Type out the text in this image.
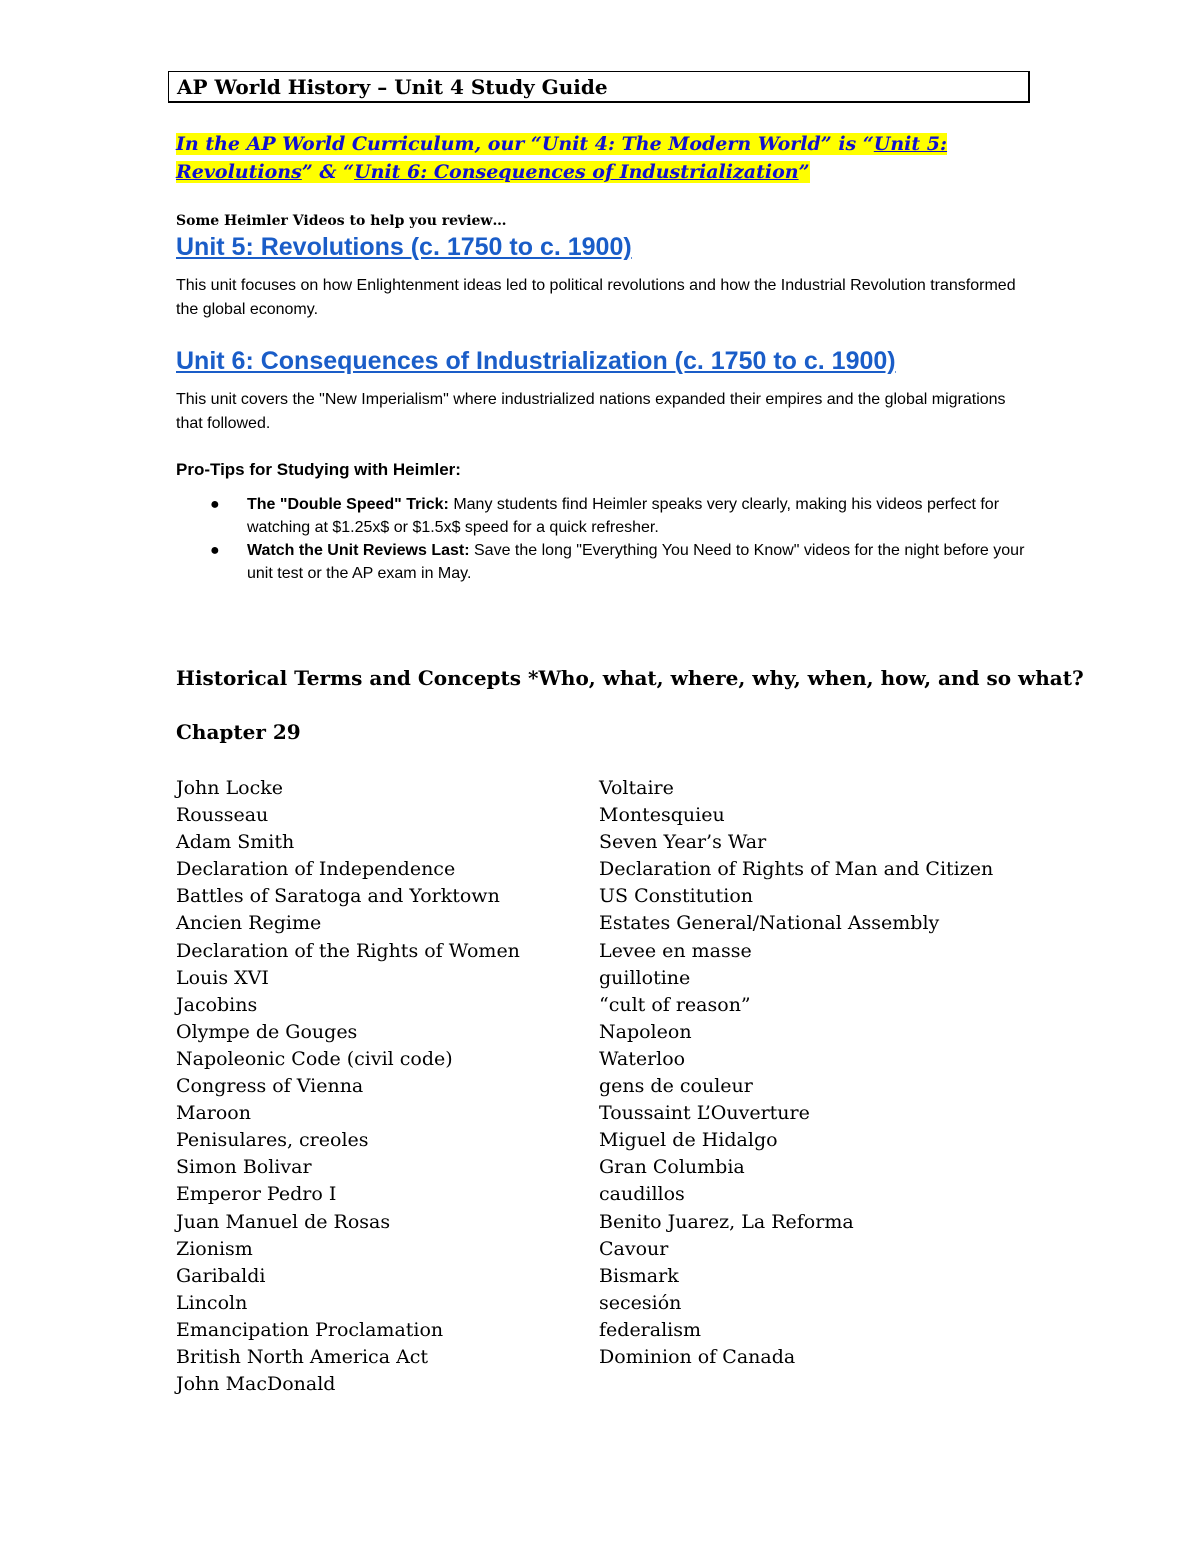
AP World History – Unit 4 Study Guide
In the AP World Curriculum, our “Unit 4: The Modern World” is “Unit 5:
Revolutions” & “Unit 6: Consequences of Industrialization”
Some Heimler Videos to help you review…
Unit 5: Revolutions (c. 1750 to c. 1900)
This unit focuses on how Enlightenment ideas led to political revolutions and how the Industrial Revolution transformed the global economy.
Unit 6: Consequences of Industrialization (c. 1750 to c. 1900)
This unit covers the "New Imperialism" where industrialized nations expanded their empires and the global migrations that followed.
Pro-Tips for Studying with Heimler:
● The "Double Speed" Trick: Many students find Heimler speaks very clearly, making his videos perfect for watching at $1.25x$ or $1.5x$ speed for a quick refresher.
● Watch the Unit Reviews Last: Save the long "Everything You Need to Know" videos for the night before your unit test or the AP exam in May.
Historical Terms and Concepts *Who, what, where, why, when, how, and so what?
Chapter 29
John Locke
Rousseau
Adam Smith
Declaration of Independence
Battles of Saratoga and Yorktown
Ancien Regime
Declaration of the Rights of Women
Louis XVI
Jacobins
Olympe de Gouges
Napoleonic Code (civil code)
Congress of Vienna
Maroon
Penisulares, creoles
Simon Bolivar
Emperor Pedro I
Juan Manuel de Rosas
Zionism
Garibaldi
Lincoln
Emancipation Proclamation
British North America Act
John MacDonald
Voltaire
Montesquieu
Seven Year’s War
Declaration of Rights of Man and Citizen
US Constitution
Estates General/National Assembly
Levee en masse
guillotine
“cult of reason”
Napoleon
Waterloo
gens de couleur
Toussaint L’Ouverture
Miguel de Hidalgo
Gran Columbia
caudillos
Benito Juarez, La Reforma
Cavour
Bismark
secesión
federalism
Dominion of Canada
